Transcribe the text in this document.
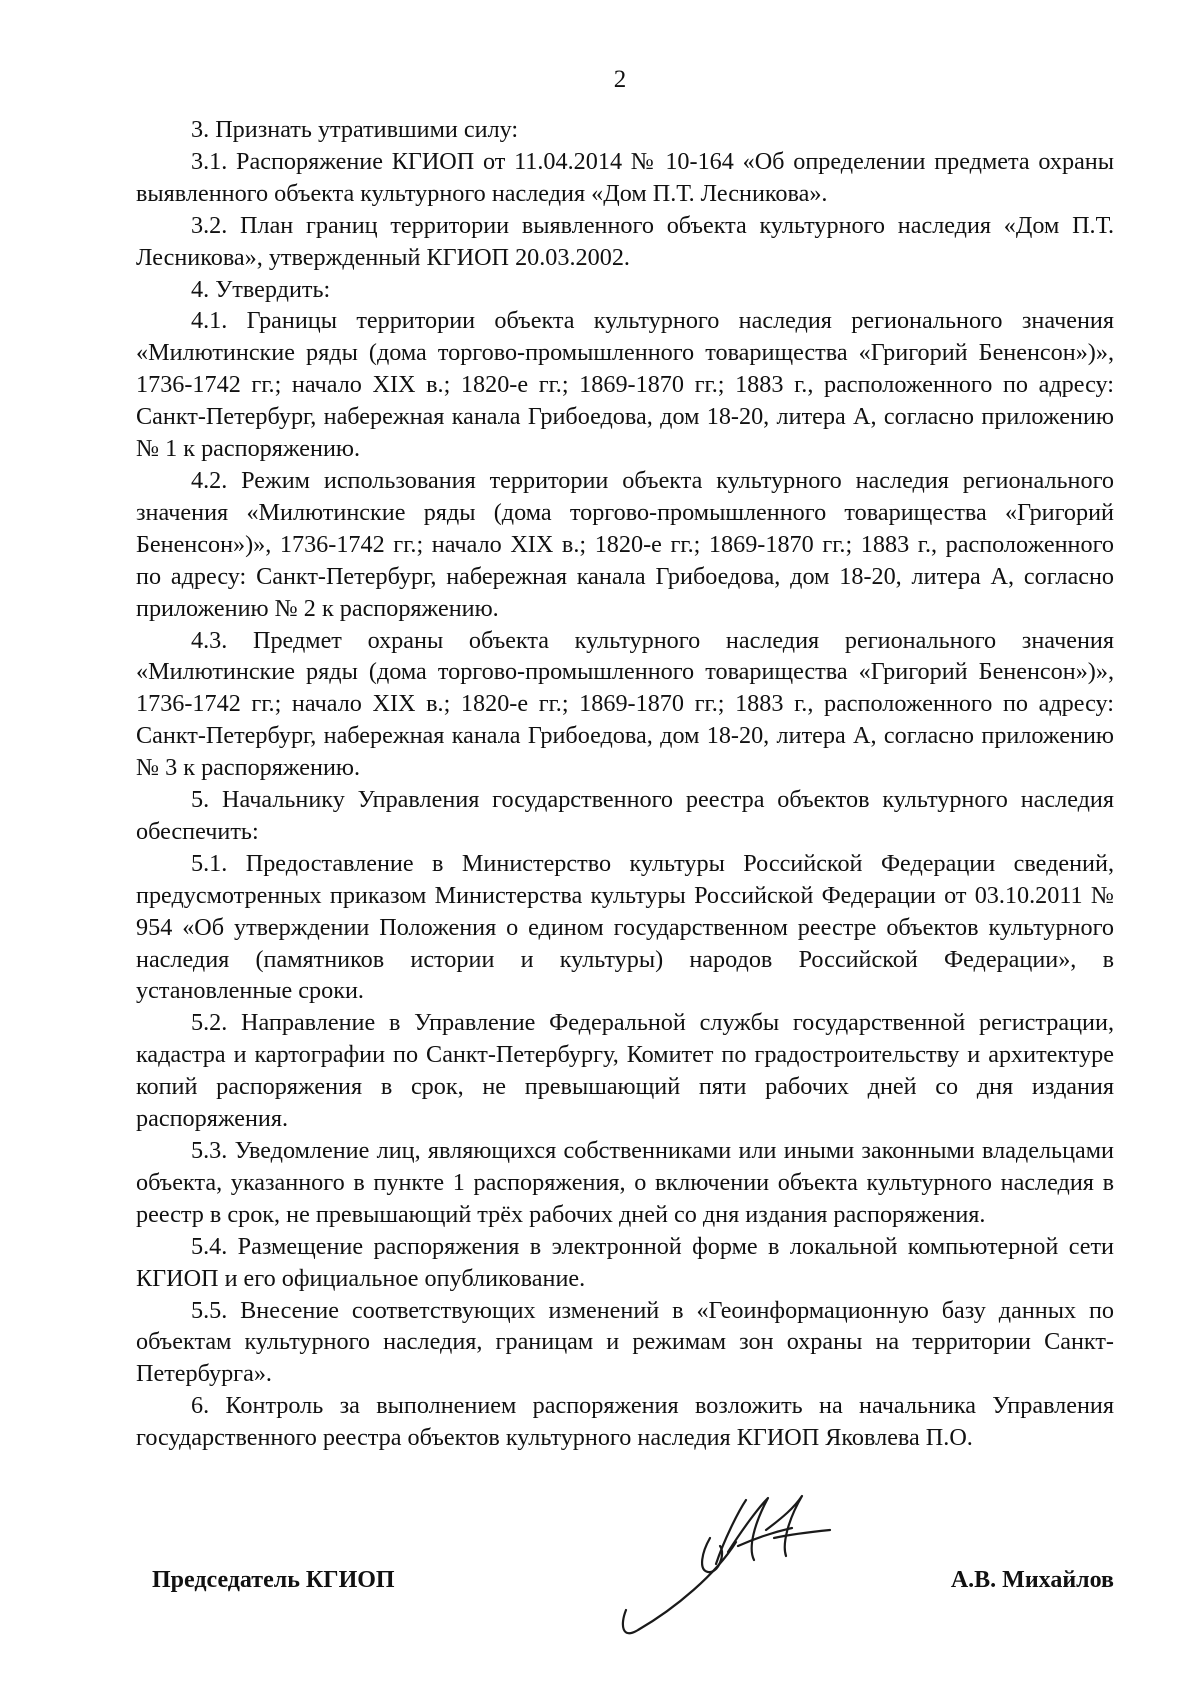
2

3. Признать утратившими силу:

3.1. Распоряжение КГИОП от 11.04.2014 № 10-164 «Об определении предмета охраны выявленного объекта культурного наследия «Дом П.Т. Лесникова».

3.2. План границ территории выявленного объекта культурного наследия «Дом П.Т. Лесникова», утвержденный КГИОП 20.03.2002.

4. Утвердить:

4.1. Границы территории объекта культурного наследия регионального значения «Милютинские ряды (дома торгово-промышленного товарищества «Григорий Бененсон»)», 1736-1742 гг.; начало XIX в.; 1820-е гг.; 1869-1870 гг.; 1883 г., расположенного по адресу: Санкт-Петербург, набережная канала Грибоедова, дом 18-20, литера А, согласно приложению № 1 к распоряжению.

4.2. Режим использования территории объекта культурного наследия регионального значения «Милютинские ряды (дома торгово-промышленного товарищества «Григорий Бененсон»)», 1736-1742 гг.; начало XIX в.; 1820-е гг.; 1869-1870 гг.; 1883 г., расположенного по адресу: Санкт-Петербург, набережная канала Грибоедова, дом 18-20, литера А, согласно приложению № 2 к распоряжению.

4.3. Предмет охраны объекта культурного наследия регионального значения «Милютинские ряды (дома торгово-промышленного товарищества «Григорий Бененсон»)», 1736-1742 гг.; начало XIX в.; 1820-е гг.; 1869-1870 гг.; 1883 г., расположенного по адресу: Санкт-Петербург, набережная канала Грибоедова, дом 18-20, литера А, согласно приложению № 3 к распоряжению.

5. Начальнику Управления государственного реестра объектов культурного наследия обеспечить:

5.1. Предоставление в Министерство культуры Российской Федерации сведений, предусмотренных приказом Министерства культуры Российской Федерации от 03.10.2011 № 954 «Об утверждении Положения о едином государственном реестре объектов культурного наследия (памятников истории и культуры) народов Российской Федерации», в установленные сроки.

5.2. Направление в Управление Федеральной службы государственной регистрации, кадастра и картографии по Санкт-Петербургу, Комитет по градостроительству и архитектуре копий распоряжения в срок, не превышающий пяти рабочих дней со дня издания распоряжения.

5.3. Уведомление лиц, являющихся собственниками или иными законными владельцами объекта, указанного в пункте 1 распоряжения, о включении объекта культурного наследия в реестр в срок, не превышающий трёх рабочих дней со дня издания распоряжения.

5.4. Размещение распоряжения в электронной форме в локальной компьютерной сети КГИОП и его официальное опубликование.

5.5. Внесение соответствующих изменений в «Геоинформационную базу данных по объектам культурного наследия, границам и режимам зон охраны на территории Санкт-Петербурга».

6. Контроль за выполнением распоряжения возложить на начальника Управления государственного реестра объектов культурного наследия КГИОП Яковлева П.О.

Председатель КГИОП	А.В. Михайлов
